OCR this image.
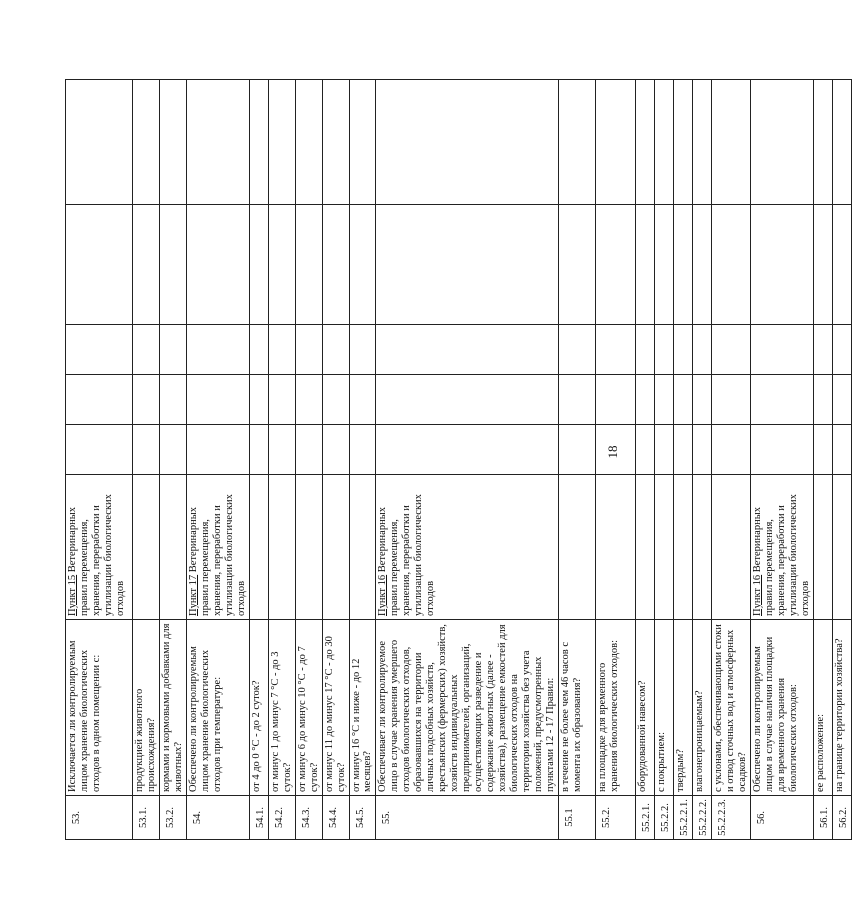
18
53.	Исключается ли контролируемым лицом хранение биологических отходов в одном помещении с:	Пункт 15 Ветеринарных правил перемещения, хранения, переработки и утилизации биологических отходов					
53.1.	продукцией животного происхождения?						
53.2.	кормами и кормовыми добавками для животных?						
54.	Обеспечено ли контролируемым лицом хранение биологических отходов при температуре:	Пункт 17 Ветеринарных правил перемещения, хранения, переработки и утилизации биологических отходов					
54.1.	от 4 до 0 °С - до 2 суток?						
54.2.	от минус 1 до минус 7 °С - до 3 суток?						
54.3.	от минус 6 до минус 10 °С - до 7 суток?						
54.4.	от минус 11 до минус 17 °С - до 30 суток?						
54.5.	от минус 16 °С и ниже - до 12 месяцев?						
55.	Обеспечивает ли контролируемое лицо в случае хранения умершего отходов биологических отходов, образовавшихся на территории личных подсобных хозяйств, крестьянских (фермерских) хозяйств, хозяйств индивидуальных предпринимателей, организаций, осуществляющих разведение и содержание животных (далее - хозяйства), размещение емкостей для биологических отходов на территории хозяйства без учета положений, предусмотренных пунктами 12 - 17 Правил:	Пункт 16 Ветеринарных правил перемещения, хранения, переработки и утилизации биологических отходов					
55.1	в течение не более чем 46 часов с момента их образования?						
55.2.	на площадке для временного хранения биологических отходов:						
55.2.1.	оборудованной навесом?						
55.2.2.	с покрытием:						
55.2.2.1.	твердым?						
55.2.2.2.	влагонепроницаемым?						
55.2.2.3.	с уклонами, обеспечивающими стоки и отвод сточных вод и атмосферных осадков?						
56.	Обеспечено ли контролируемым лицом в случае наличия площадки для временного хранения биологических отходов:	Пункт 16 Ветеринарных правил перемещения, хранения, переработки и утилизации биологических отходов					
56.1.	ее расположение:						
56.2.	на границе территории хозяйства?						
